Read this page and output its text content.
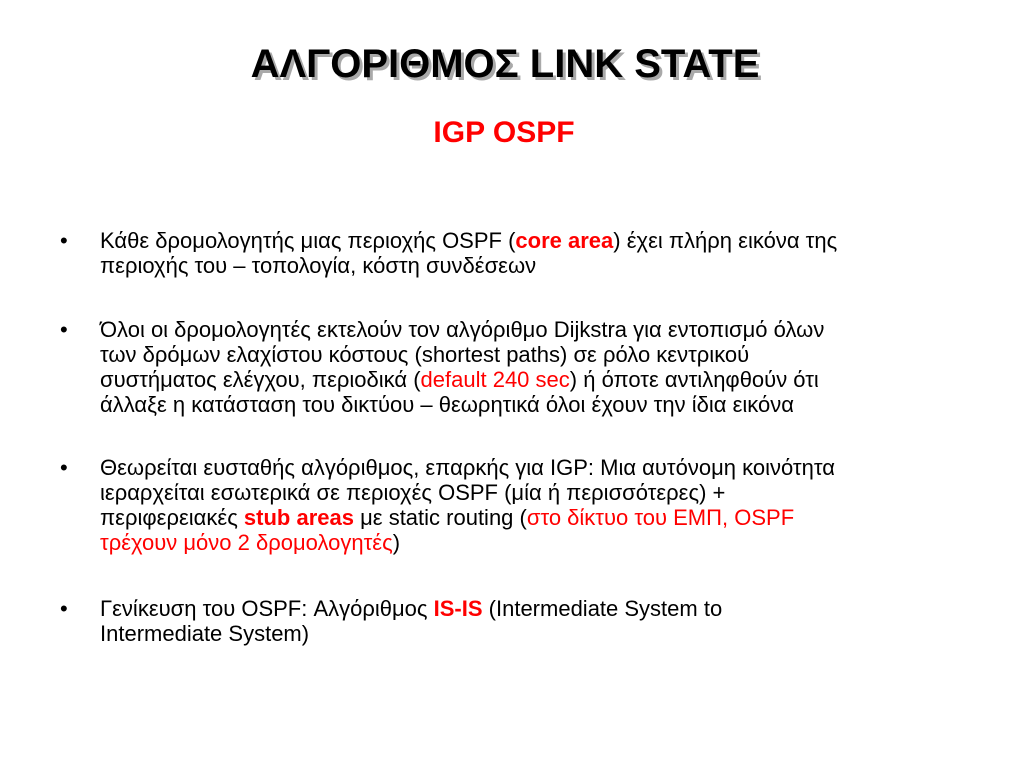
ΑΛΓΟΡΙΘΜΟΣ LINK STATE
IGP OSPF
• Κάθε δρομολογητής μιας περιοχής OSPF (core area) έχει πλήρη εικόνα της
περιοχής του – τοπολογία, κόστη συνδέσεων
• Όλοι οι δρομολογητές εκτελούν τον αλγόριθμο Dijkstra για εντοπισμό όλων
των δρόμων ελαχίστου κόστους (shortest paths) σε ρόλο κεντρικού
συστήματος ελέγχου, περιοδικά (default 240 sec) ή όποτε αντιληφθούν ότι
άλλαξε η κατάσταση του δικτύου – θεωρητικά όλοι έχουν την ίδια εικόνα
• Θεωρείται ευσταθής αλγόριθμος, επαρκής για IGP: Μια αυτόνομη κοινότητα
ιεραρχείται εσωτερικά σε περιοχές OSPF (μία ή περισσότερες) +
περιφερειακές stub areas με static routing (στο δίκτυο του ΕΜΠ, OSPF
τρέχουν μόνο 2 δρομολογητές)
• Γενίκευση του OSPF: Αλγόριθμος IS-IS (Intermediate System to
Intermediate System)
